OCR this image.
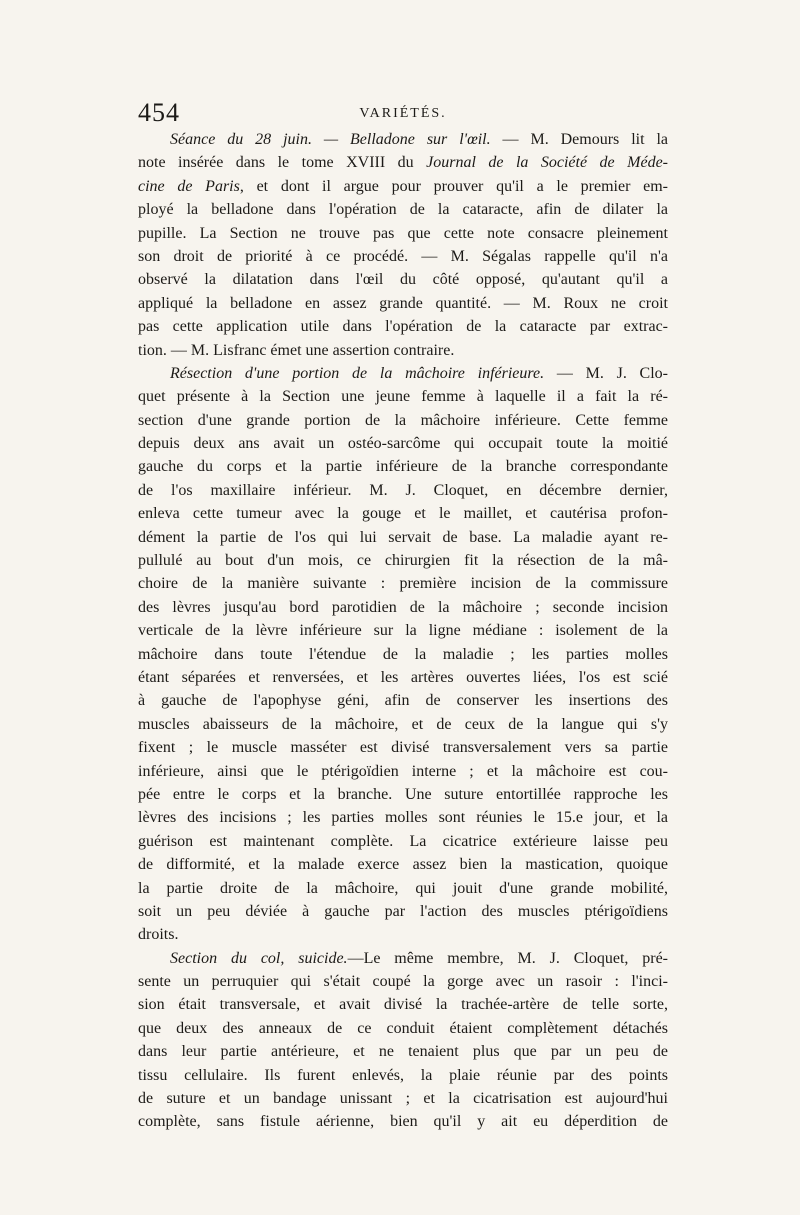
454	VARIÉTÉS.
Séance du 28 juin. — Belladone sur l'œil. — M. Demours lit la
note insérée dans le tome XVIII du Journal de la Société de Méde-
cine de Paris, et dont il argue pour prouver qu'il a le premier em-
ployé la belladone dans l'opération de la cataracte, afin de dilater la
pupille. La Section ne trouve pas que cette note consacre pleinement
son droit de priorité à ce procédé. — M. Ségalas rappelle qu'il n'a
observé la dilatation dans l'œil du côté opposé, qu'autant qu'il a
appliqué la belladone en assez grande quantité. — M. Roux ne croit
pas cette application utile dans l'opération de la cataracte par extrac-
tion. — M. Lisfranc émet une assertion contraire.
Résection d'une portion de la mâchoire inférieure. — M. J. Clo-
quet présente à la Section une jeune femme à laquelle il a fait la ré-
section d'une grande portion de la mâchoire inférieure. Cette femme
depuis deux ans avait un ostéo-sarcôme qui occupait toute la moitié
gauche du corps et la partie inférieure de la branche correspondante
de l'os maxillaire inférieur. M. J. Cloquet, en décembre dernier,
enleva cette tumeur avec la gouge et le maillet, et cautérisa profon-
dément la partie de l'os qui lui servait de base. La maladie ayant re-
pullulé au bout d'un mois, ce chirurgien fit la résection de la mâ-
choire de la manière suivante : première incision de la commissure
des lèvres jusqu'au bord parotidien de la mâchoire ; seconde incision
verticale de la lèvre inférieure sur la ligne médiane : isolement de la
mâchoire dans toute l'étendue de la maladie ; les parties molles
étant séparées et renversées, et les artères ouvertes liées, l'os est scié
à gauche de l'apophyse géni, afin de conserver les insertions des
muscles abaisseurs de la mâchoire, et de ceux de la langue qui s'y
fixent ; le muscle masséter est divisé transversalement vers sa partie
inférieure, ainsi que le ptérigoïdien interne ; et la mâchoire est cou-
pée entre le corps et la branche. Une suture entortillée rapproche les
lèvres des incisions ; les parties molles sont réunies le 15.e jour, et la
guérison est maintenant complète. La cicatrice extérieure laisse peu
de difformité, et la malade exerce assez bien la mastication, quoique
la partie droite de la mâchoire, qui jouit d'une grande mobilité,
soit un peu déviée à gauche par l'action des muscles ptérigoïdiens
droits.
Section du col, suicide.—Le même membre, M. J. Cloquet, pré-
sente un perruquier qui s'était coupé la gorge avec un rasoir : l'inci-
sion était transversale, et avait divisé la trachée-artère de telle sorte,
que deux des anneaux de ce conduit étaient complètement détachés
dans leur partie antérieure, et ne tenaient plus que par un peu de
tissu cellulaire. Ils furent enlevés, la plaie réunie par des points
de suture et un bandage unissant ; et la cicatrisation est aujourd'hui
complète, sans fistule aérienne, bien qu'il y ait eu déperdition de
